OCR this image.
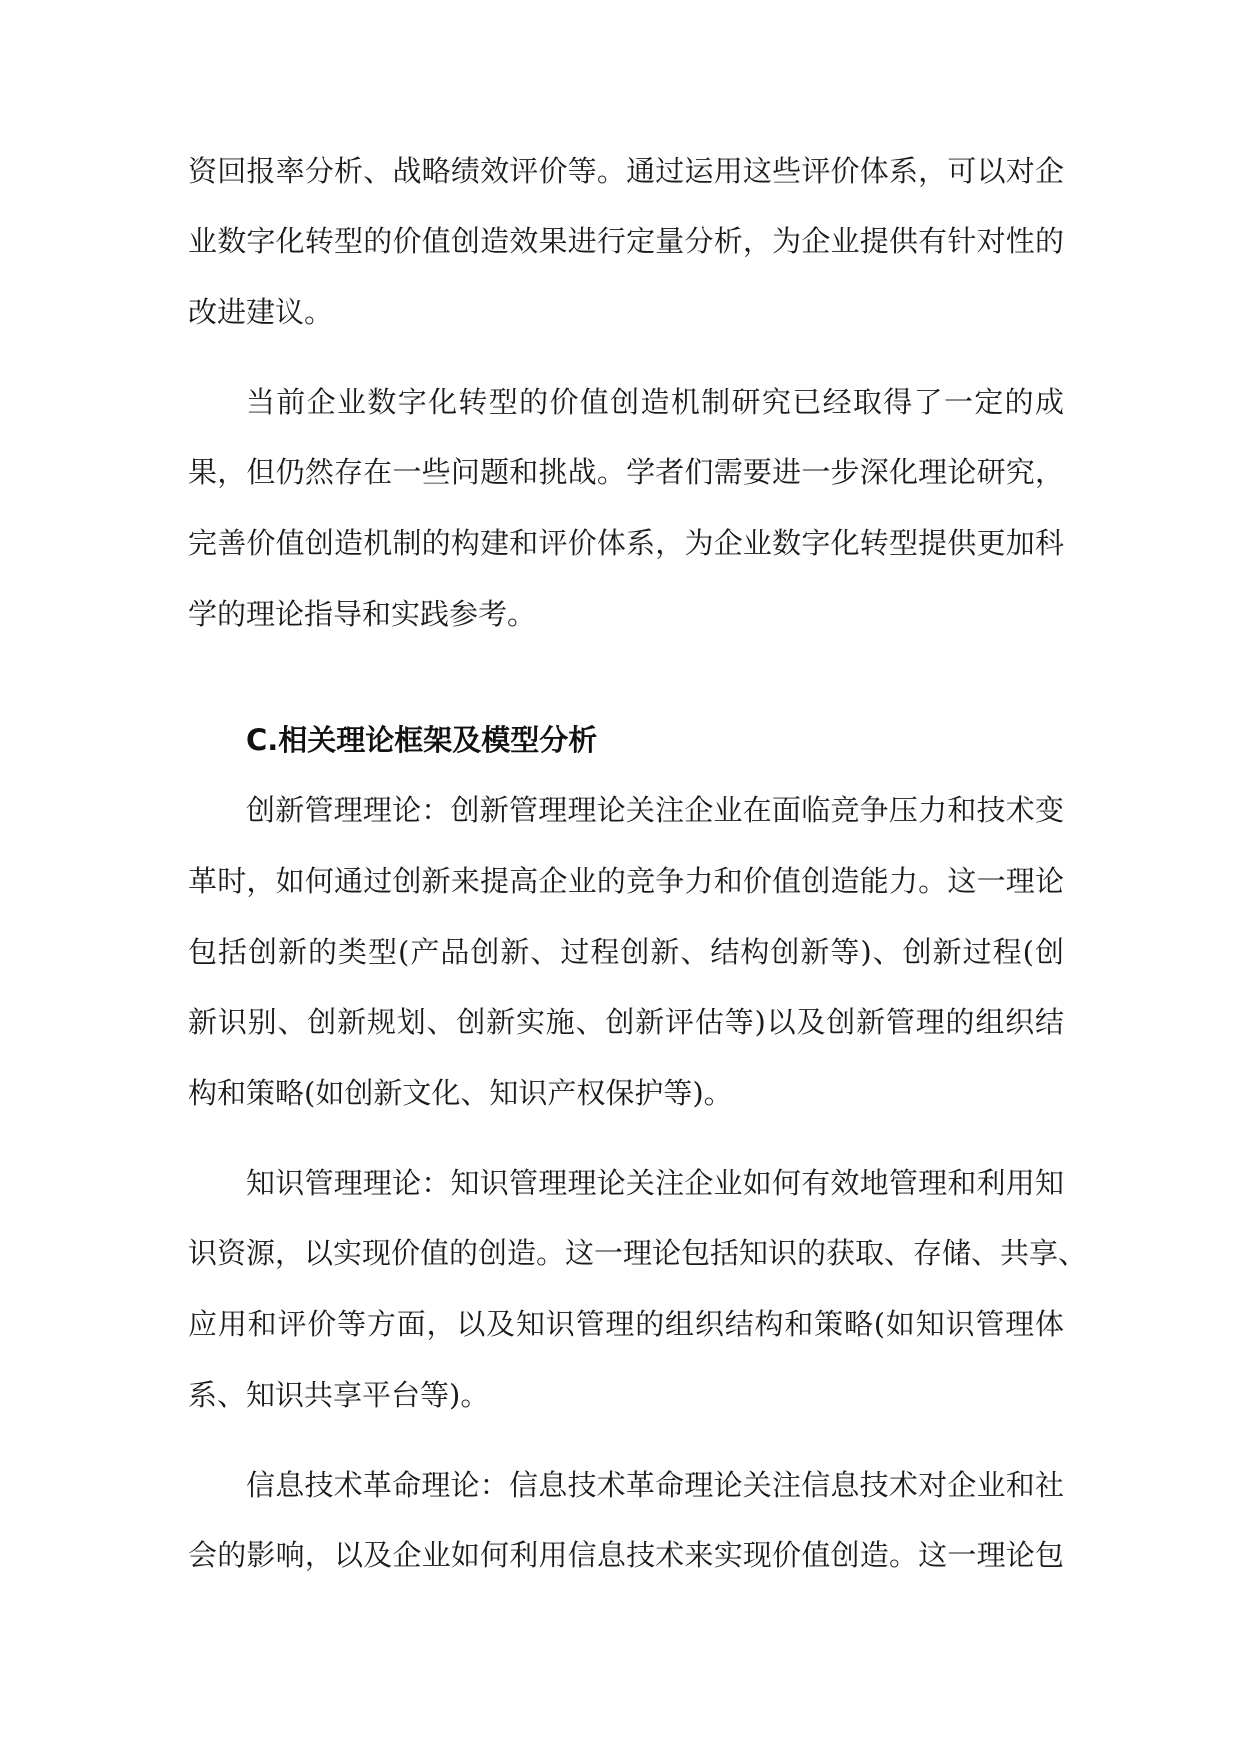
资回报率分析、战略绩效评价等。通过运用这些评价体系，可以对企

业数字化转型的价值创造效果进行定量分析，为企业提供有针对性的

改进建议。

当前企业数字化转型的价值创造机制研究已经取得了一定的成

果，但仍然存在一些问题和挑战。学者们需要进一步深化理论研究，

完善价值创造机制的构建和评价体系，为企业数字化转型提供更加科

学的理论指导和实践参考。

C.相关理论框架及模型分析

创新管理理论：创新管理理论关注企业在面临竞争压力和技术变

革时，如何通过创新来提高企业的竞争力和价值创造能力。这一理论

包括创新的类型(产品创新、过程创新、结构创新等)、创新过程(创

新识别、创新规划、创新实施、创新评估等)以及创新管理的组织结

构和策略(如创新文化、知识产权保护等)。

知识管理理论：知识管理理论关注企业如何有效地管理和利用知

识资源，以实现价值的创造。这一理论包括知识的获取、存储、共享、

应用和评价等方面，以及知识管理的组织结构和策略(如知识管理体

系、知识共享平台等)。

信息技术革命理论：信息技术革命理论关注信息技术对企业和社

会的影响，以及企业如何利用信息技术来实现价值创造。这一理论包
